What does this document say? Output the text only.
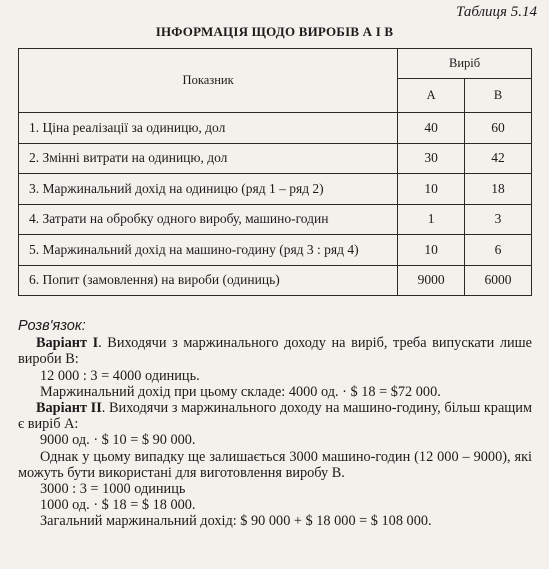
Таблиця 5.14
ІНФОРМАЦІЯ ЩОДО ВИРОБІВ А І В
Показник	Виріб	
	А	В
1. Ціна реалізації за одиницю, дол	40	60
2. Змінні витрати на одиницю, дол	30	42
3. Маржинальний дохід на одиницю (ряд 1 – ряд 2)	10	18
4. Затрати на обробку одного виробу, машино-годин	1	3
5. Маржинальний дохід на машино-годину (ряд 3 : ряд 4)	10	6
6. Попит (замовлення) на вироби (одиниць)	9000	6000

Розв'язок:

Варіант І. Виходячи з маржинального доходу на виріб, треба випускати лише вироби В:

12 000 : 3 = 4000 одиниць.

Маржинальний дохід при цьому складе: 4000 од. · $ 18 = $72 000.

Варіант ІІ. Виходячи з маржинального доходу на машино-годину, більш кращим є виріб А:

9000 од. · $ 10 = $ 90 000.

Однак у цьому випадку ще залишається 3000 машино-годин (12 000 – 9000), які можуть бути використані для виготовлення виробу В.

3000 : 3 = 1000 одиниць

1000 од. · $ 18 = $ 18 000.

Загальний маржинальний дохід: $ 90 000 + $ 18 000 = $ 108 000.
